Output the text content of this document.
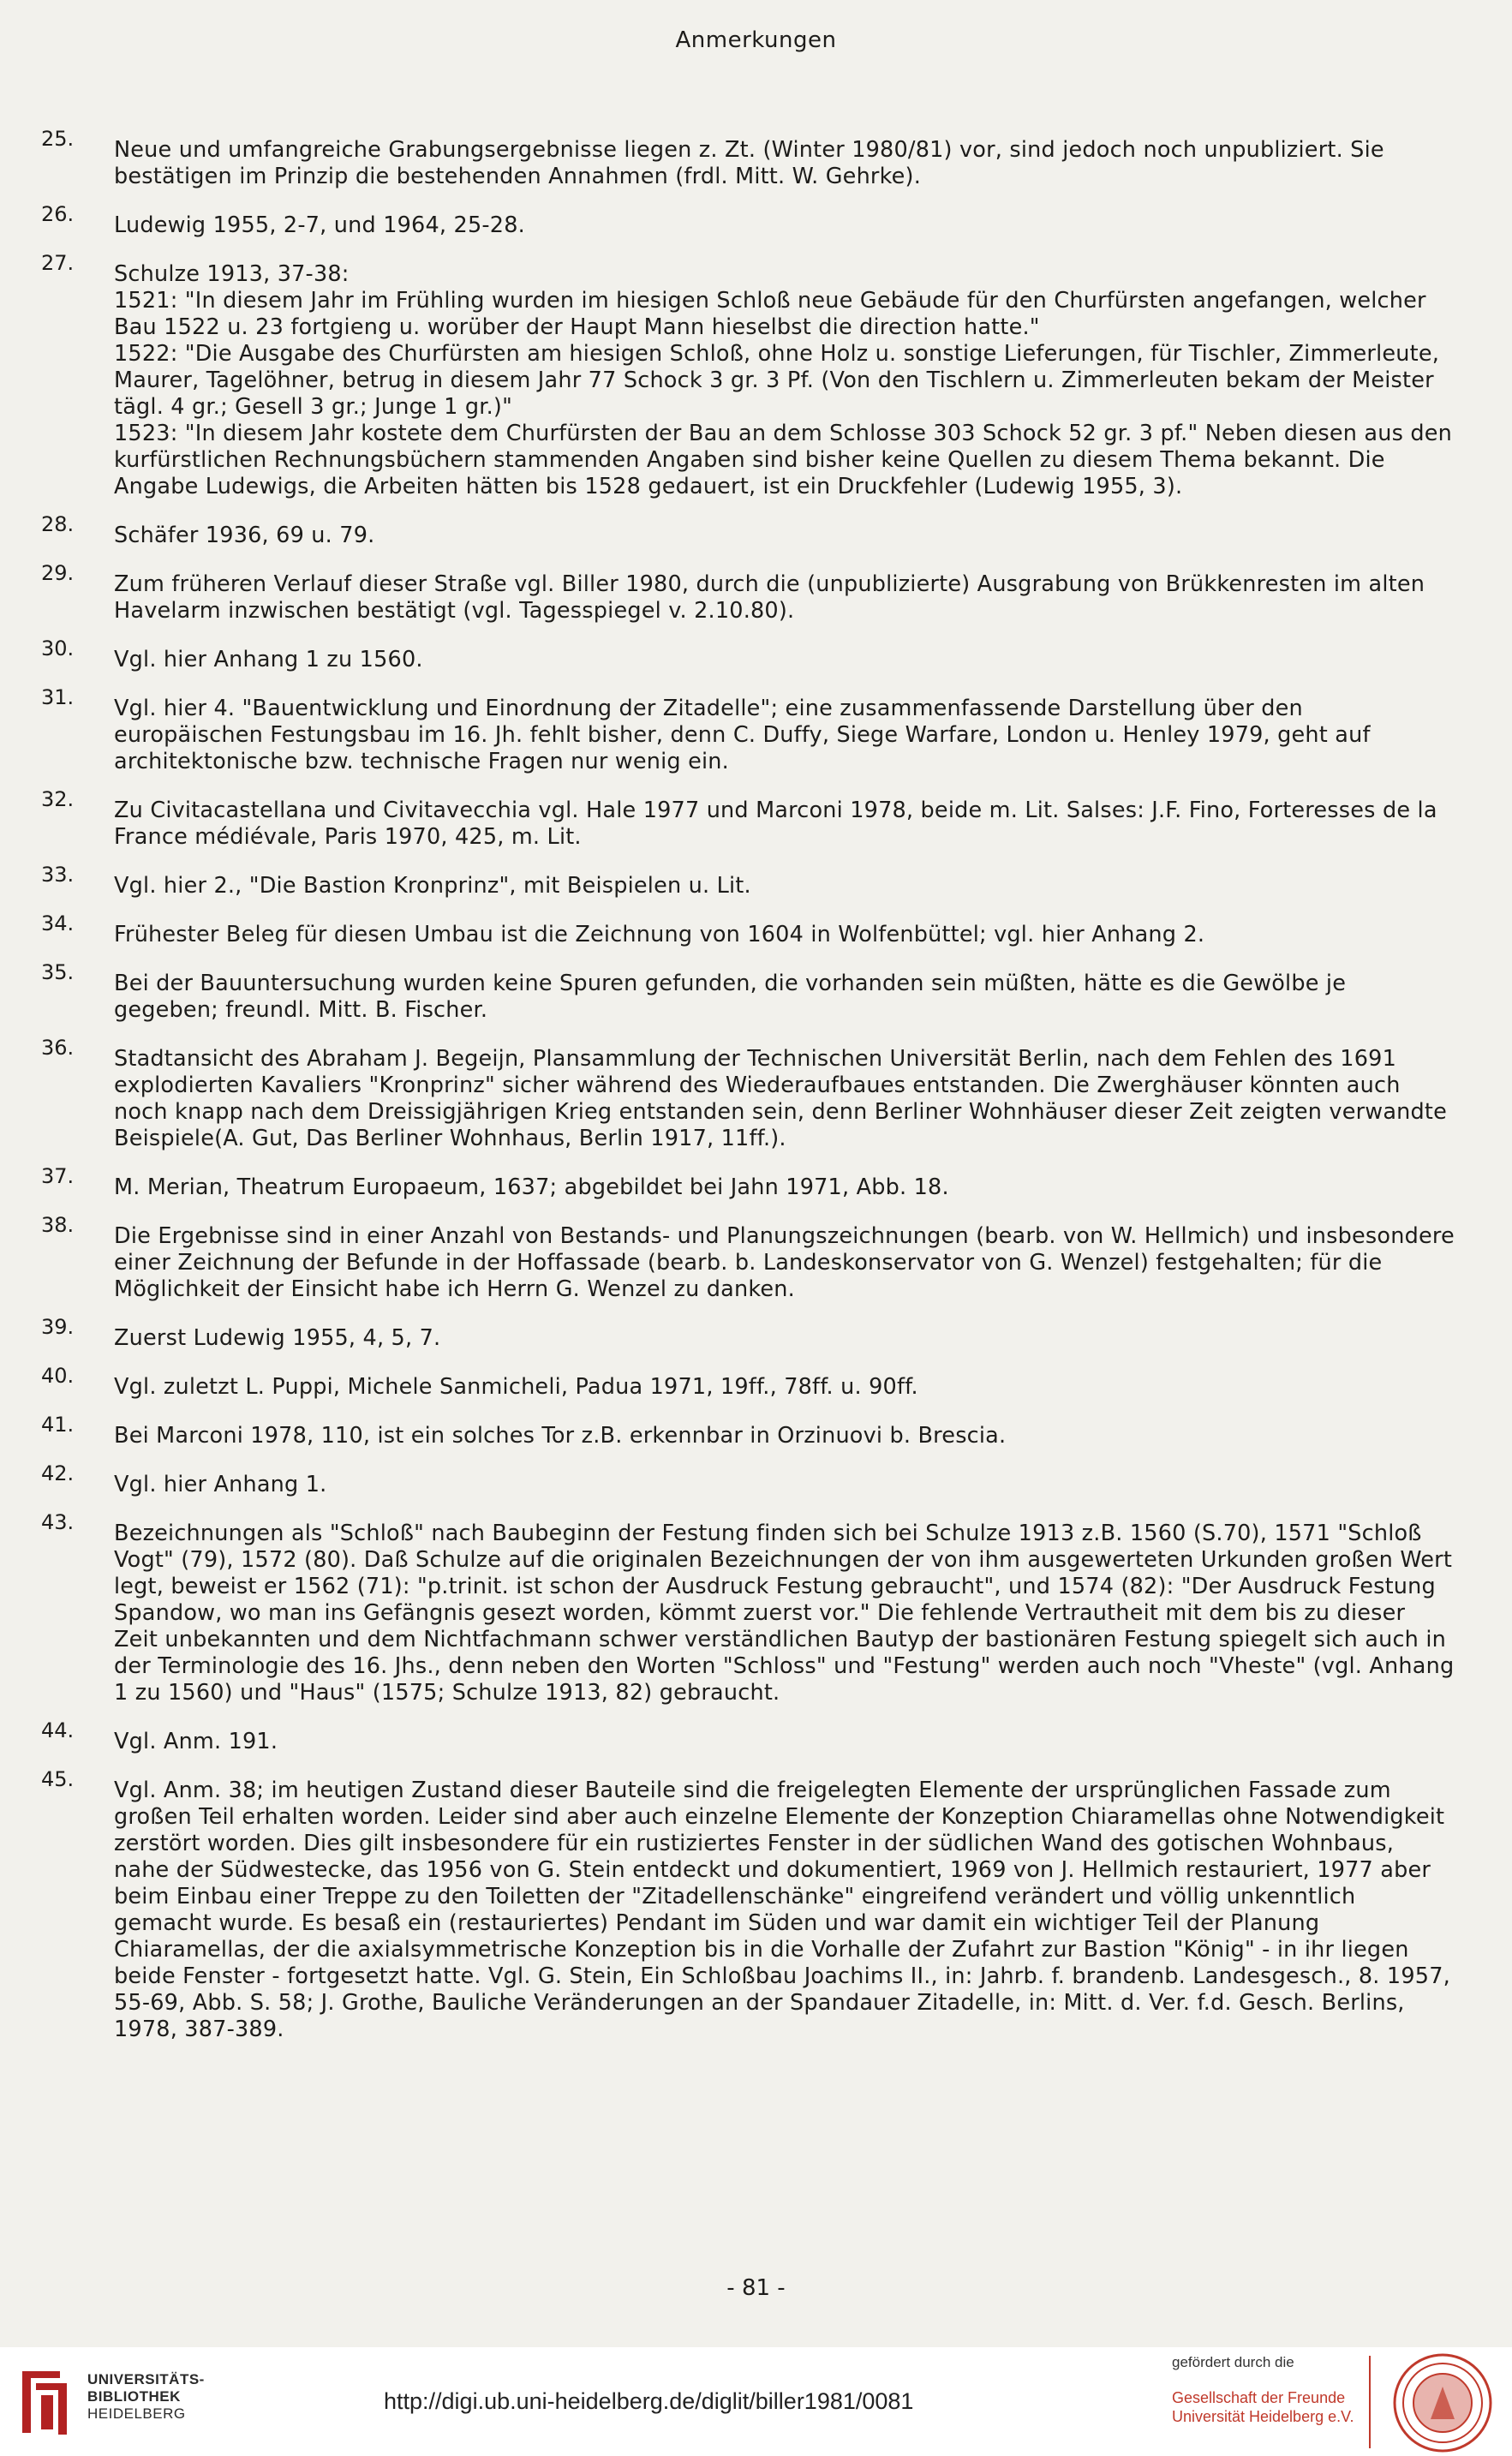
Anmerkungen
25.	Neue und umfangreiche Grabungsergebnisse liegen z. Zt. (Winter 1980/81) vor, sind jedoch noch unpubliziert. Sie bestätigen im Prinzip die bestehenden Annahmen (frdl. Mitt. W. Gehrke).

26.	Ludewig 1955, 2-7, und 1964, 25-28.

27.	Schulze 1913, 37-38:

1521: "In diesem Jahr im Frühling wurden im hiesigen Schloß neue Gebäude für den Churfürsten angefangen, welcher Bau 1522 u. 23 fortgieng u. worüber der Haupt Mann hieselbst die direction hatte."

1522: "Die Ausgabe des Churfürsten am hiesigen Schloß, ohne Holz u. sonstige Lieferungen, für Tischler, Zimmerleute, Maurer, Tagelöhner, betrug in diesem Jahr 77 Schock 3 gr. 3 Pf. (Von den Tischlern u. Zimmerleuten bekam der Meister tägl. 4 gr.; Gesell 3 gr.; Junge 1 gr.)"

1523: "In diesem Jahr kostete dem Churfürsten der Bau an dem Schlosse 303 Schock 52 gr. 3 pf." Neben diesen aus den kurfürstlichen Rechnungsbüchern stammenden Angaben sind bisher keine Quellen zu diesem Thema bekannt. Die Angabe Ludewigs, die Arbeiten hätten bis 1528 gedauert, ist ein Druckfehler (Ludewig 1955, 3).

28.	Schäfer 1936, 69 u. 79.

29.	Zum früheren Verlauf dieser Straße vgl. Biller 1980, durch die (unpublizierte) Ausgrabung von Brükkenresten im alten Havelarm inzwischen bestätigt (vgl. Tagesspiegel v. 2.10.80).

30.	Vgl. hier Anhang 1 zu 1560.

31.	Vgl. hier 4. "Bauentwicklung und Einordnung der Zitadelle"; eine zusammenfassende Darstellung über den europäischen Festungsbau im 16. Jh. fehlt bisher, denn C. Duffy, Siege Warfare, London u. Henley 1979, geht auf architektonische bzw. technische Fragen nur wenig ein.

32.	Zu Civitacastellana und Civitavecchia vgl. Hale 1977 und Marconi 1978, beide m. Lit. Salses: J.F. Fino, Forteresses de la France médiévale, Paris 1970, 425, m. Lit.

33.	Vgl. hier 2., "Die Bastion Kronprinz", mit Beispielen u. Lit.

34.	Frühester Beleg für diesen Umbau ist die Zeichnung von 1604 in Wolfenbüttel; vgl. hier Anhang 2.

35.	Bei der Bauuntersuchung wurden keine Spuren gefunden, die vorhanden sein müßten, hätte es die Gewölbe je gegeben; freundl. Mitt. B. Fischer.

36.	Stadtansicht des Abraham J. Begeijn, Plansammlung der Technischen Universität Berlin, nach dem Fehlen des 1691 explodierten Kavaliers "Kronprinz" sicher während des Wiederaufbaues entstanden. Die Zwerghäuser könnten auch noch knapp nach dem Dreissigjährigen Krieg entstanden sein, denn Berliner Wohnhäuser dieser Zeit zeigten verwandte Beispiele(A. Gut, Das Berliner Wohnhaus, Berlin 1917, 11ff.).

37.	M. Merian, Theatrum Europaeum, 1637; abgebildet bei Jahn 1971, Abb. 18.

38.	Die Ergebnisse sind in einer Anzahl von Bestands- und Planungszeichnungen (bearb. von W. Hellmich) und insbesondere einer Zeichnung der Befunde in der Hoffassade (bearb. b. Landeskonservator von G. Wenzel) festgehalten; für die Möglichkeit der Einsicht habe ich Herrn G. Wenzel zu danken.

39.	Zuerst Ludewig 1955, 4, 5, 7.

40.	Vgl. zuletzt L. Puppi, Michele Sanmicheli, Padua 1971, 19ff., 78ff. u. 90ff.

41.	Bei Marconi 1978, 110, ist ein solches Tor z.B. erkennbar in Orzinuovi b. Brescia.

42.	Vgl. hier Anhang 1.

43.	Bezeichnungen als "Schloß" nach Baubeginn der Festung finden sich bei Schulze 1913 z.B. 1560 (S.70), 1571 "Schloß Vogt" (79), 1572 (80). Daß Schulze auf die originalen Bezeichnungen der von ihm ausgewerteten Urkunden großen Wert legt, beweist er 1562 (71): "p.trinit. ist schon der Ausdruck Festung gebraucht", und 1574 (82): "Der Ausdruck Festung Spandow, wo man ins Gefängnis gesezt worden, kömmt zuerst vor." Die fehlende Vertrautheit mit dem bis zu dieser Zeit unbekannten und dem Nichtfachmann schwer verständlichen Bautyp der bastionären Festung spiegelt sich auch in der Terminologie des 16. Jhs., denn neben den Worten "Schloss" und "Festung" werden auch noch "Vheste" (vgl. Anhang 1 zu 1560) und "Haus" (1575; Schulze 1913, 82) gebraucht.

44.	Vgl. Anm. 191.

45.	Vgl. Anm. 38; im heutigen Zustand dieser Bauteile sind die freigelegten Elemente der ursprünglichen Fassade zum großen Teil erhalten worden. Leider sind aber auch einzelne Elemente der Konzeption Chiaramellas ohne Notwendigkeit zerstört worden. Dies gilt insbesondere für ein rustiziertes Fenster in der südlichen Wand des gotischen Wohnbaus, nahe der Südwestecke, das 1956 von G. Stein entdeckt und dokumentiert, 1969 von J. Hellmich restauriert, 1977 aber beim Einbau einer Treppe zu den Toiletten der "Zitadellenschänke" eingreifend verändert und völlig unkenntlich gemacht wurde. Es besaß ein (restauriertes) Pendant im Süden und war damit ein wichtiger Teil der Planung Chiaramellas, der die axialsymmetrische Konzeption bis in die Vorhalle der Zufahrt zur Bastion "König" - in ihr liegen beide Fenster - fortgesetzt hatte. Vgl. G. Stein, Ein Schloßbau Joachims II., in: Jahrb. f. brandenb. Landesgesch., 8. 1957, 55-69, Abb. S. 58; J. Grothe, Bauliche Veränderungen an der Spandauer Zitadelle, in: Mitt. d. Ver. f.d. Gesch. Berlins, 1978, 387-389.

- 81 -
UNIVERSITÄTS-
BIBLIOTHEK
HEIDELBERG	http://digi.ub.uni-heidelberg.de/diglit/biller1981/0081
gefördert durch die
Gesellschaft der Freunde
Universität Heidelberg e.V.
